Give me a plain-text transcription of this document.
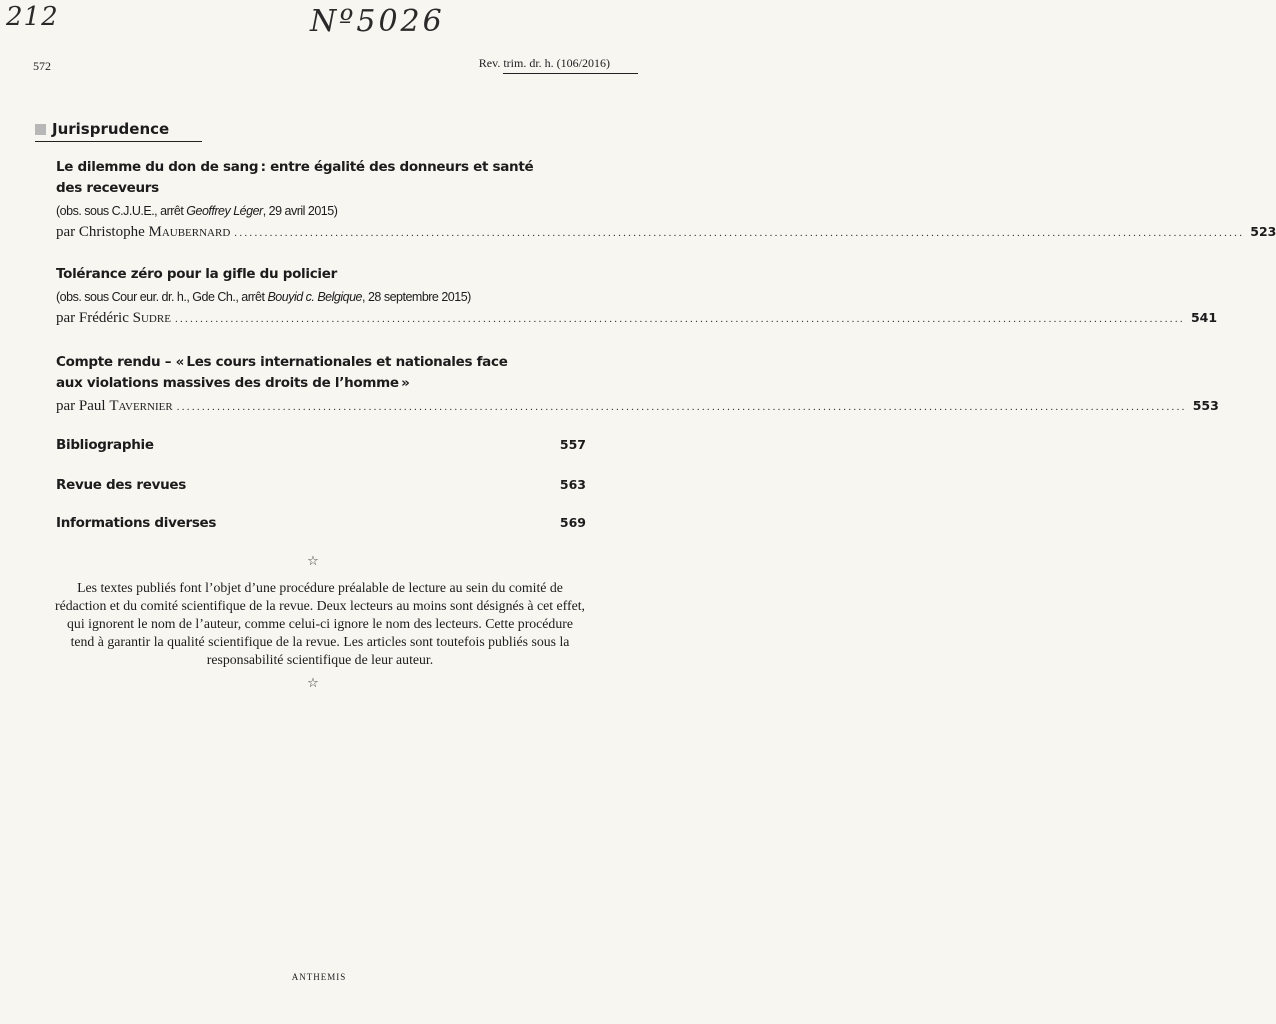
212	Nº5026
572	Rev. trim. dr. h. (106/2016)
Jurisprudence
Le dilemme du don de sang : entre égalité des donneurs et santé
des receveurs
(obs. sous C.J.U.E., arrêt Geoffrey Léger, 29 avril 2015)
par Christophe Maubernard ........................................................................................................................................................................................................ 523
Tolérance zéro pour la gifle du policier
(obs. sous Cour eur. dr. h., Gde Ch., arrêt Bouyid c. Belgique, 28 septembre 2015)
par Frédéric Sudre ........................................................................................................................................................................................................ 541
Compte rendu – « Les cours internationales et nationales face
aux violations massives des droits de l’homme »
par Paul Tavernier ........................................................................................................................................................................................................ 553
Bibliographie	557
Revue des revues	563
Informations diverses	569
☆

Les textes publiés font l’objet d’une procédure préalable de lecture au sein du comité de rédaction et du comité scientifique de la revue. Deux lecteurs au moins sont désignés à cet effet, qui ignorent le nom de l’auteur, comme celui-ci ignore le nom des lecteurs. Cette procédure tend à garantir la qualité scientifique de la revue. Les articles sont toutefois publiés sous la responsabilité scientifique de leur auteur.

☆
ANTHEMIS
